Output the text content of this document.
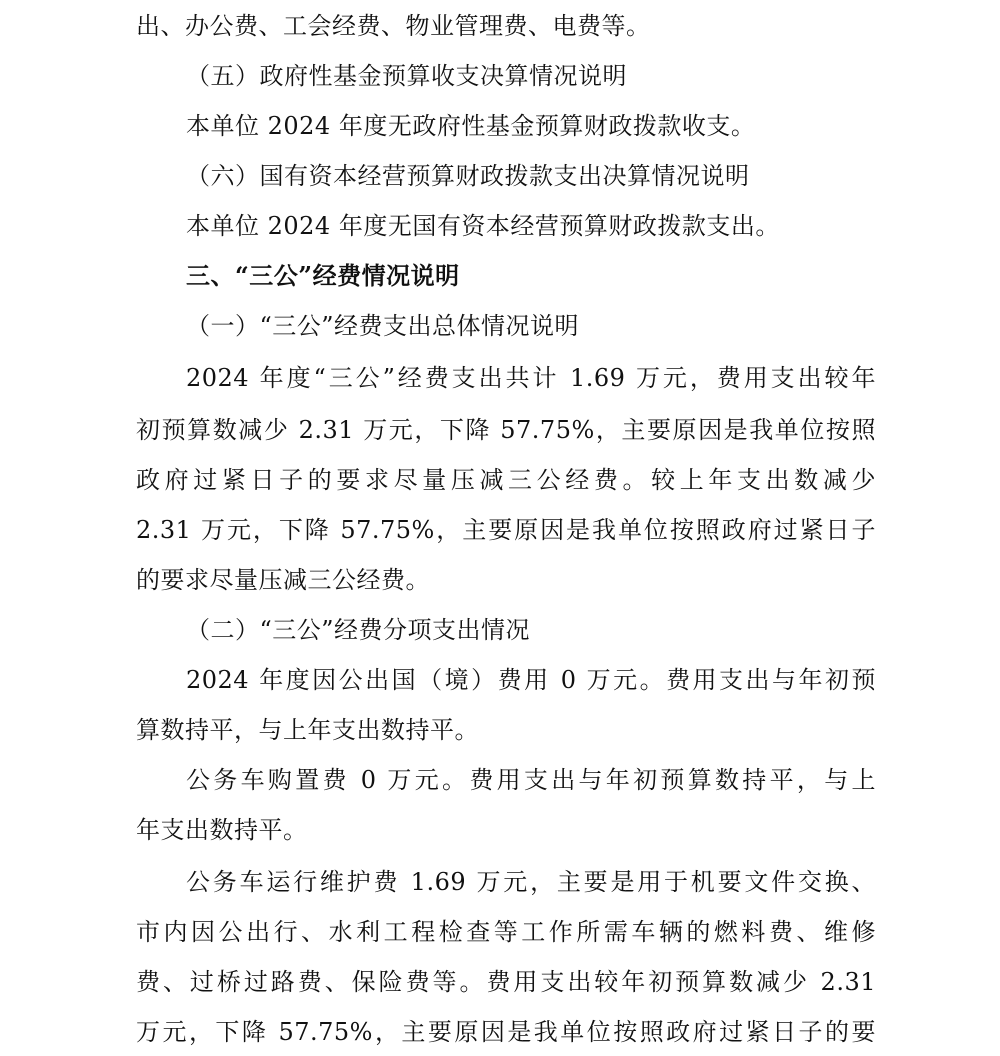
出、办公费、工会经费、物业管理费、电费等。
（五）政府性基金预算收支决算情况说明
本单位 2024 年度无政府性基金预算财政拨款收支。
（六）国有资本经营预算财政拨款支出决算情况说明
本单位 2024 年度无国有资本经营预算财政拨款支出。
三、“三公”经费情况说明
（一）“三公”经费支出总体情况说明
2024 年度“三公”经费支出共计 1.69 万元，费用支出较年
初预算数减少 2.31 万元，下降 57.75%，主要原因是我单位按照
政府过紧日子的要求尽量压减三公经费。较上年支出数减少
2.31 万元，下降 57.75%，主要原因是我单位按照政府过紧日子
的要求尽量压减三公经费。
（二）“三公”经费分项支出情况
2024 年度因公出国（境）费用 0 万元。费用支出与年初预
算数持平，与上年支出数持平。
公务车购置费 0 万元。费用支出与年初预算数持平，与上
年支出数持平。
公务车运行维护费 1.69 万元，主要是用于机要文件交换、
市内因公出行、水利工程检查等工作所需车辆的燃料费、维修
费、过桥过路费、保险费等。费用支出较年初预算数减少 2.31
万元，下降 57.75%，主要原因是我单位按照政府过紧日子的要
